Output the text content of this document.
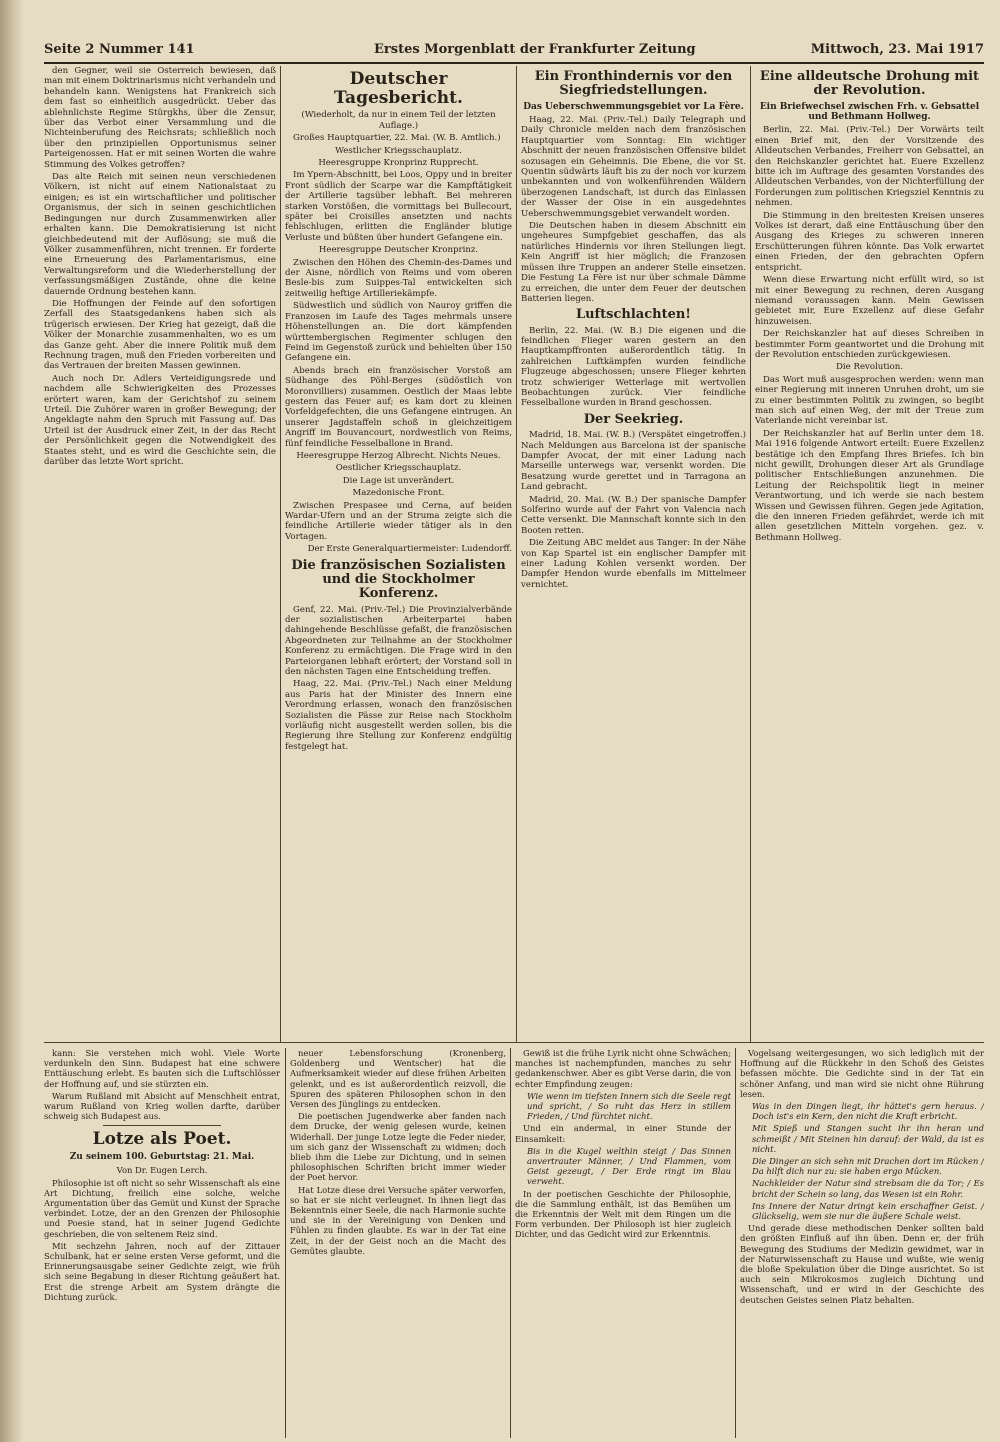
Seite 2 Nummer 141	Erstes Morgenblatt der Frankfurter Zeitung	Mittwoch, 23. Mai 1917

den Gegner, weil sie Österreich bewiesen, daß man mit einem Doktrinarismus nicht verhandeln und behandeln kann. Wenigstens hat Frankreich sich dem fast so einheitlich ausgedrückt. Ueber das ablehnlichste Regime Stürgkhs, über die Zensur, über das Verbot einer Versammlung und die Nichteinberufung des Reichsrats; schließlich noch über den prinzipiellen Opportunismus seiner Parteigenossen. Hat er mit seinen Worten die wahre Stimmung des Volkes getroffen?

Das alte Reich mit seinen neun verschiedenen Völkern, ist nicht auf einem Nationalstaat zu einigen; es ist ein wirtschaftlicher und politischer Organismus, der sich in seinen geschichtlichen Bedingungen nur durch Zusammenwirken aller erhalten kann. Die Demokratisierung ist nicht gleichbedeutend mit der Auflösung; sie muß die Völker zusammenführen, nicht trennen. Er forderte eine Erneuerung des Parlamentarismus, eine Verwaltungsreform und die Wiederherstellung der verfassungsmäßigen Zustände, ohne die keine dauernde Ordnung bestehen kann.

Die Hoffnungen der Feinde auf den sofortigen Zerfall des Staatsgedankens haben sich als trügerisch erwiesen. Der Krieg hat gezeigt, daß die Völker der Monarchie zusammenhalten, wo es um das Ganze geht. Aber die innere Politik muß dem Rechnung tragen, muß den Frieden vorbereiten und das Vertrauen der breiten Massen gewinnen.

Auch noch Dr. Adlers Verteidigungsrede und nachdem alle Schwierigkeiten des Prozesses erörtert waren, kam der Gerichtshof zu seinem Urteil. Die Zuhörer waren in großer Bewegung; der Angeklagte nahm den Spruch mit Fassung auf. Das Urteil ist der Ausdruck einer Zeit, in der das Recht der Persönlichkeit gegen die Notwendigkeit des Staates steht, und es wird die Geschichte sein, die darüber das letzte Wort spricht.

Deutscher Tagesbericht.

(Wiederholt, da nur in einem Teil der letzten Auflage.)

Großes Hauptquartier, 22. Mai. (W. B. Amtlich.)

Westlicher Kriegsschauplatz.

Heeresgruppe Kronprinz Rupprecht.

Im Ypern-Abschnitt, bei Loos, Oppy und in breiter Front südlich der Scarpe war die Kampftätigkeit der Artillerie tagsüber lebhaft. Bei mehreren starken Vorstößen, die vormittags bei Bullecourt, später bei Croisilles ansetzten und nachts fehlschlugen, erlitten die Engländer blutige Verluste und büßten über hundert Gefangene ein.

Heeresgruppe Deutscher Kronprinz.

Zwischen den Höhen des Chemin-des-Dames und der Aisne, nördlich von Reims und vom oberen Besle-bis zum Suippes-Tal entwickelten sich zeitweilig heftige Artilleriekämpfe.

Südwestlich und südlich von Nauroy griffen die Franzosen im Laufe des Tages mehrmals unsere Höhenstellungen an. Die dort kämpfenden württembergischen Regimenter schlugen den Feind im Gegenstoß zurück und behielten über 150 Gefangene ein.

Abends brach ein französischer Vorstoß am Südhange des Pöhl-Berges (südöstlich von Moronvilliers) zusammen. Oestlich der Maas lebte gestern das Feuer auf; es kam dort zu kleinen Vorfeldgefechten, die uns Gefangene eintrugen. An unserer Jagdstaffeln schoß in gleichzeitigem Angriff im Bouvancourt, nordwestlich von Reims, fünf feindliche Fesselballone in Brand.

Heeresgruppe Herzog Albrecht. Nichts Neues.

Oestlicher Kriegsschauplatz.

Die Lage ist unverändert.

Mazedonische Front.

Zwischen Prespasee und Cerna, auf beiden Wardar-Ufern und an der Struma zeigte sich die feindliche Artillerie wieder tätiger als in den Vortagen.

Der Erste Generalquartiermeister: Ludendorff.

Die französischen Sozialisten und die Stockholmer Konferenz.

Genf, 22. Mai. (Priv.-Tel.) Die Provinzialverbände der sozialistischen Arbeiterpartei haben dahingehende Beschlüsse gefaßt, die französischen Abgeordneten zur Teilnahme an der Stockholmer Konferenz zu ermächtigen. Die Frage wird in den Parteiorganen lebhaft erörtert; der Vorstand soll in den nächsten Tagen eine Entscheidung treffen.

Haag, 22. Mai. (Priv.-Tel.) Nach einer Meldung aus Paris hat der Minister des Innern eine Verordnung erlassen, wonach den französischen Sozialisten die Pässe zur Reise nach Stockholm vorläufig nicht ausgestellt werden sollen, bis die Regierung ihre Stellung zur Konferenz endgültig festgelegt hat.

Ein Fronthindernis vor den Siegfriedstellungen.
Das Ueberschwemmungsgebiet vor La Fère.

Haag, 22. Mai. (Priv.-Tel.) Daily Telegraph und Daily Chronicle melden nach dem französischen Hauptquartier vom Sonntag: Ein wichtiger Abschnitt der neuen französischen Offensive bildet sozusagen ein Geheimnis. Die Ebene, die vor St. Quentin südwärts läuft bis zu der noch vor kurzem unbekannten und von wolkenführenden Wäldern überzogenen Landschaft, ist durch das Einlassen der Wasser der Oise in ein ausgedehntes Ueberschwemmungsgebiet verwandelt worden.

Die Deutschen haben in diesem Abschnitt ein ungeheures Sumpfgebiet geschaffen, das als natürliches Hindernis vor ihren Stellungen liegt. Kein Angriff ist hier möglich; die Franzosen müssen ihre Truppen an anderer Stelle einsetzen. Die Festung La Fère ist nur über schmale Dämme zu erreichen, die unter dem Feuer der deutschen Batterien liegen.

Luftschlachten!

Berlin, 22. Mai. (W. B.) Die eigenen und die feindlichen Flieger waren gestern an den Hauptkampffronten außerordentlich tätig. In zahlreichen Luftkämpfen wurden feindliche Flugzeuge abgeschossen; unsere Flieger kehrten trotz schwieriger Wetterlage mit wertvollen Beobachtungen zurück. Vier feindliche Fesselballone wurden in Brand geschossen.

Der Seekrieg.

Madrid, 18. Mai. (W. B.) (Verspätet eingetroffen.) Nach Meldungen aus Barcelona ist der spanische Dampfer Avocat, der mit einer Ladung nach Marseille unterwegs war, versenkt worden. Die Besatzung wurde gerettet und in Tarragona an Land gebracht.

Madrid, 20. Mai. (W. B.) Der spanische Dampfer Solferino wurde auf der Fahrt von Valencia nach Cette versenkt. Die Mannschaft konnte sich in den Booten retten.

Die Zeitung ABC meldet aus Tanger: In der Nähe von Kap Spartel ist ein englischer Dampfer mit einer Ladung Kohlen versenkt worden. Der Dampfer Hendon wurde ebenfalls im Mittelmeer vernichtet.

Eine alldeutsche Drohung mit der Revolution.
Ein Briefwechsel zwischen Frh. v. Gebsattel und Bethmann Hollweg.

Berlin, 22. Mai. (Priv.-Tel.) Der Vorwärts teilt einen Brief mit, den der Vorsitzende des Alldeutschen Verbandes, Freiherr von Gebsattel, an den Reichskanzler gerichtet hat. Euere Exzellenz bitte ich im Auftrage des gesamten Vorstandes des Alldeutschen Verbandes, von der Nichterfüllung der Forderungen zum politischen Kriegsziel Kenntnis zu nehmen.

Die Stimmung in den breitesten Kreisen unseres Volkes ist derart, daß eine Enttäuschung über den Ausgang des Krieges zu schweren inneren Erschütterungen führen könnte. Das Volk erwartet einen Frieden, der den gebrachten Opfern entspricht.

Wenn diese Erwartung nicht erfüllt wird, so ist mit einer Bewegung zu rechnen, deren Ausgang niemand voraussagen kann. Mein Gewissen gebietet mir, Eure Exzellenz auf diese Gefahr hinzuweisen.

Der Reichskanzler hat auf dieses Schreiben in bestimmter Form geantwortet und die Drohung mit der Revolution entschieden zurückgewiesen.

Die Revolution.

Das Wort muß ausgesprochen werden: wenn man einer Regierung mit inneren Unruhen droht, um sie zu einer bestimmten Politik zu zwingen, so begibt man sich auf einen Weg, der mit der Treue zum Vaterlande nicht vereinbar ist.

Der Reichskanzler hat auf Berlin unter dem 18. Mai 1916 folgende Antwort erteilt: Euere Exzellenz bestätige ich den Empfang Ihres Briefes. Ich bin nicht gewillt, Drohungen dieser Art als Grundlage politischer Entschließungen anzunehmen. Die Leitung der Reichspolitik liegt in meiner Verantwortung, und ich werde sie nach bestem Wissen und Gewissen führen. Gegen jede Agitation, die den inneren Frieden gefährdet, werde ich mit allen gesetzlichen Mitteln vorgehen. gez. v. Bethmann Hollweg.

kann: Sie verstehen mich wohl. Viele Worte verdunkeln den Sinn. Budapest hat eine schwere Enttäuschung erlebt. Es bauten sich die Luftschlösser der Hoffnung auf, und sie stürzten ein.

Warum Rußland mit Absicht auf Menschheit entrat, warum Rußland von Krieg wollen darfte, darüber schweig sich Budapest aus.

Lotze als Poet.
Zu seinem 100. Geburtstag: 21. Mai.

Von Dr. Eugen Lerch.

Philosophie ist oft nicht so sehr Wissenschaft als eine Art Dichtung, freilich eine solche, welche Argumentation über das Gemüt und Kunst der Sprache verbindet. Lotze, der an den Grenzen der Philosophie und Poesie stand, hat in seiner Jugend Gedichte geschrieben, die von seltenem Reiz sind.

Mit sechzehn Jahren, noch auf der Zittauer Schulbank, hat er seine ersten Verse geformt, und die Erinnerungsausgabe seiner Gedichte zeigt, wie früh sich seine Begabung in dieser Richtung geäußert hat. Erst die strenge Arbeit am System drängte die Dichtung zurück.

neuer Lebensforschung (Kronenberg, Goldenberg und Wentscher) hat die Aufmerksamkeit wieder auf diese frühen Arbeiten gelenkt, und es ist außerordentlich reizvoll, die Spuren des späteren Philosophen schon in den Versen des Jünglings zu entdecken.

Die poetischen Jugendwerke aber fanden nach dem Drucke, der wenig gelesen wurde, keinen Widerhall. Der junge Lotze legte die Feder nieder, um sich ganz der Wissenschaft zu widmen; doch blieb ihm die Liebe zur Dichtung, und in seinen philosophischen Schriften bricht immer wieder der Poet hervor.

Hat Lotze diese drei Versuche später verworfen, so hat er sie nicht verleugnet. In ihnen liegt das Bekenntnis einer Seele, die nach Harmonie suchte und sie in der Vereinigung von Denken und Fühlen zu finden glaubte. Es war in der Tat eine Zeit, in der der Geist noch an die Macht des Gemütes glaubte.

Gewiß ist die frühe Lyrik nicht ohne Schwächen; manches ist nachempfunden, manches zu sehr gedankenschwer. Aber es gibt Verse darin, die von echter Empfindung zeugen:

Wie wenn im tiefsten Innern sich die Seele regt und spricht, / So ruht das Herz in stillem Frieden, / Und fürchtet nicht.

Und ein andermal, in einer Stunde der Einsamkeit:

Bis in die Kugel welthin steigt / Das Sinnen anvertrauter Männer, / Und Flammen, vom Geist gezeugt, / Der Erde ringt im Blau verweht.

In der poetischen Geschichte der Philosophie, die die Sammlung enthält, ist das Bemühen um die Erkenntnis der Welt mit dem Ringen um die Form verbunden. Der Philosoph ist hier zugleich Dichter, und das Gedicht wird zur Erkenntnis.

Vogelsang weitergesungen, wo sich lediglich mit der Hoffnung auf die Rückkehr in den Schoß des Geistes befassen möchte. Die Gedichte sind in der Tat ein schöner Anfang, und man wird sie nicht ohne Rührung lesen.

Was in den Dingen liegt, ihr hättet's gern heraus. / Doch ist's ein Kern, den nicht die Kraft erbricht.

Mit Spieß und Stangen sucht ihr ihn heran und schmeißt / Mit Steinen hin darauf: der Wald, da ist es nicht.

Die Dinger an sich sehn mit Drachen dort im Rücken / Da hilft dich nur zu: sie haben ergo Mücken.

Nachkleider der Natur sind strebsam die da Tor; / Es bricht der Schein so lang, das Wesen ist ein Rohr.

Ins Innere der Natur dringt kein erschaffner Geist. / Glückselig, wem sie nur die äußere Schale weist.

Und gerade diese methodischen Denker sollten bald den größten Einfluß auf ihn üben. Denn er, der früh Bewegung des Studiums der Medizin gewidmet, war in der Naturwissenschaft zu Hause und wußte, wie wenig die bloße Spekulation über die Dinge ausrichtet. So ist auch sein Mikrokosmos zugleich Dichtung und Wissenschaft, und er wird in der Geschichte des deutschen Geistes seinen Platz behalten.
